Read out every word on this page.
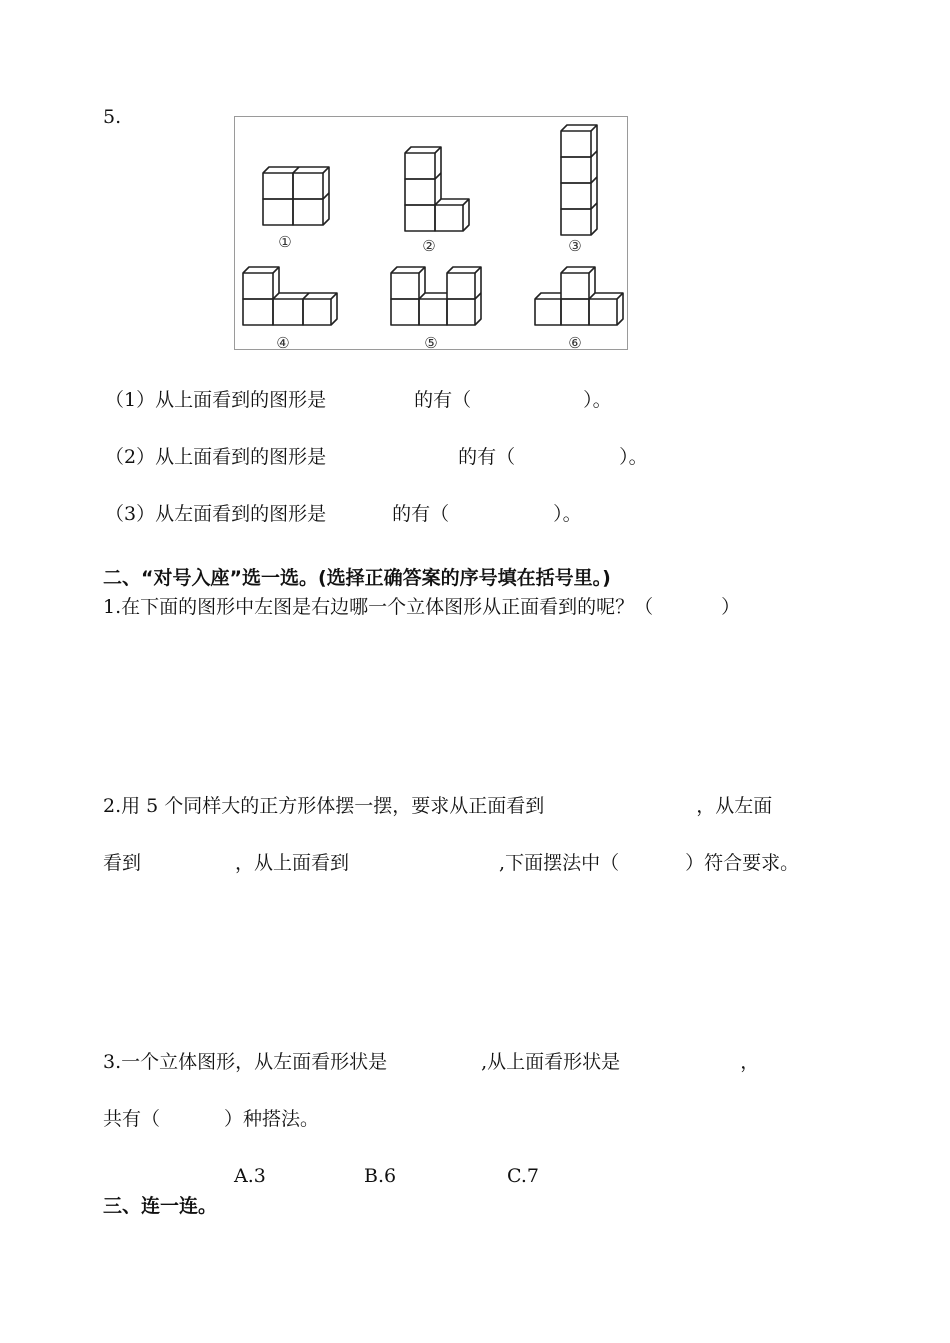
5.
①	②	③
④	⑤	⑥
（1）从上面看到的图形是	的有（	）。
（2）从上面看到的图形是	的有（	）。
（3）从左面看到的图形是	的有（	）。
二、“对号入座”选一选。(选择正确答案的序号填在括号里。)
1.在下面的图形中左图是右边哪一个立体图形从正面看到的呢？（	）
2.用 5 个同样大的正方形体摆一摆，要求从正面看到	，从左面
看到	，从上面看到	,下面摆法中（	）符合要求。
3.一个立体图形，从左面看形状是	,从上面看形状是	，
共有（	）种搭法。
A.3	B.6	C.7
三、连一连。
